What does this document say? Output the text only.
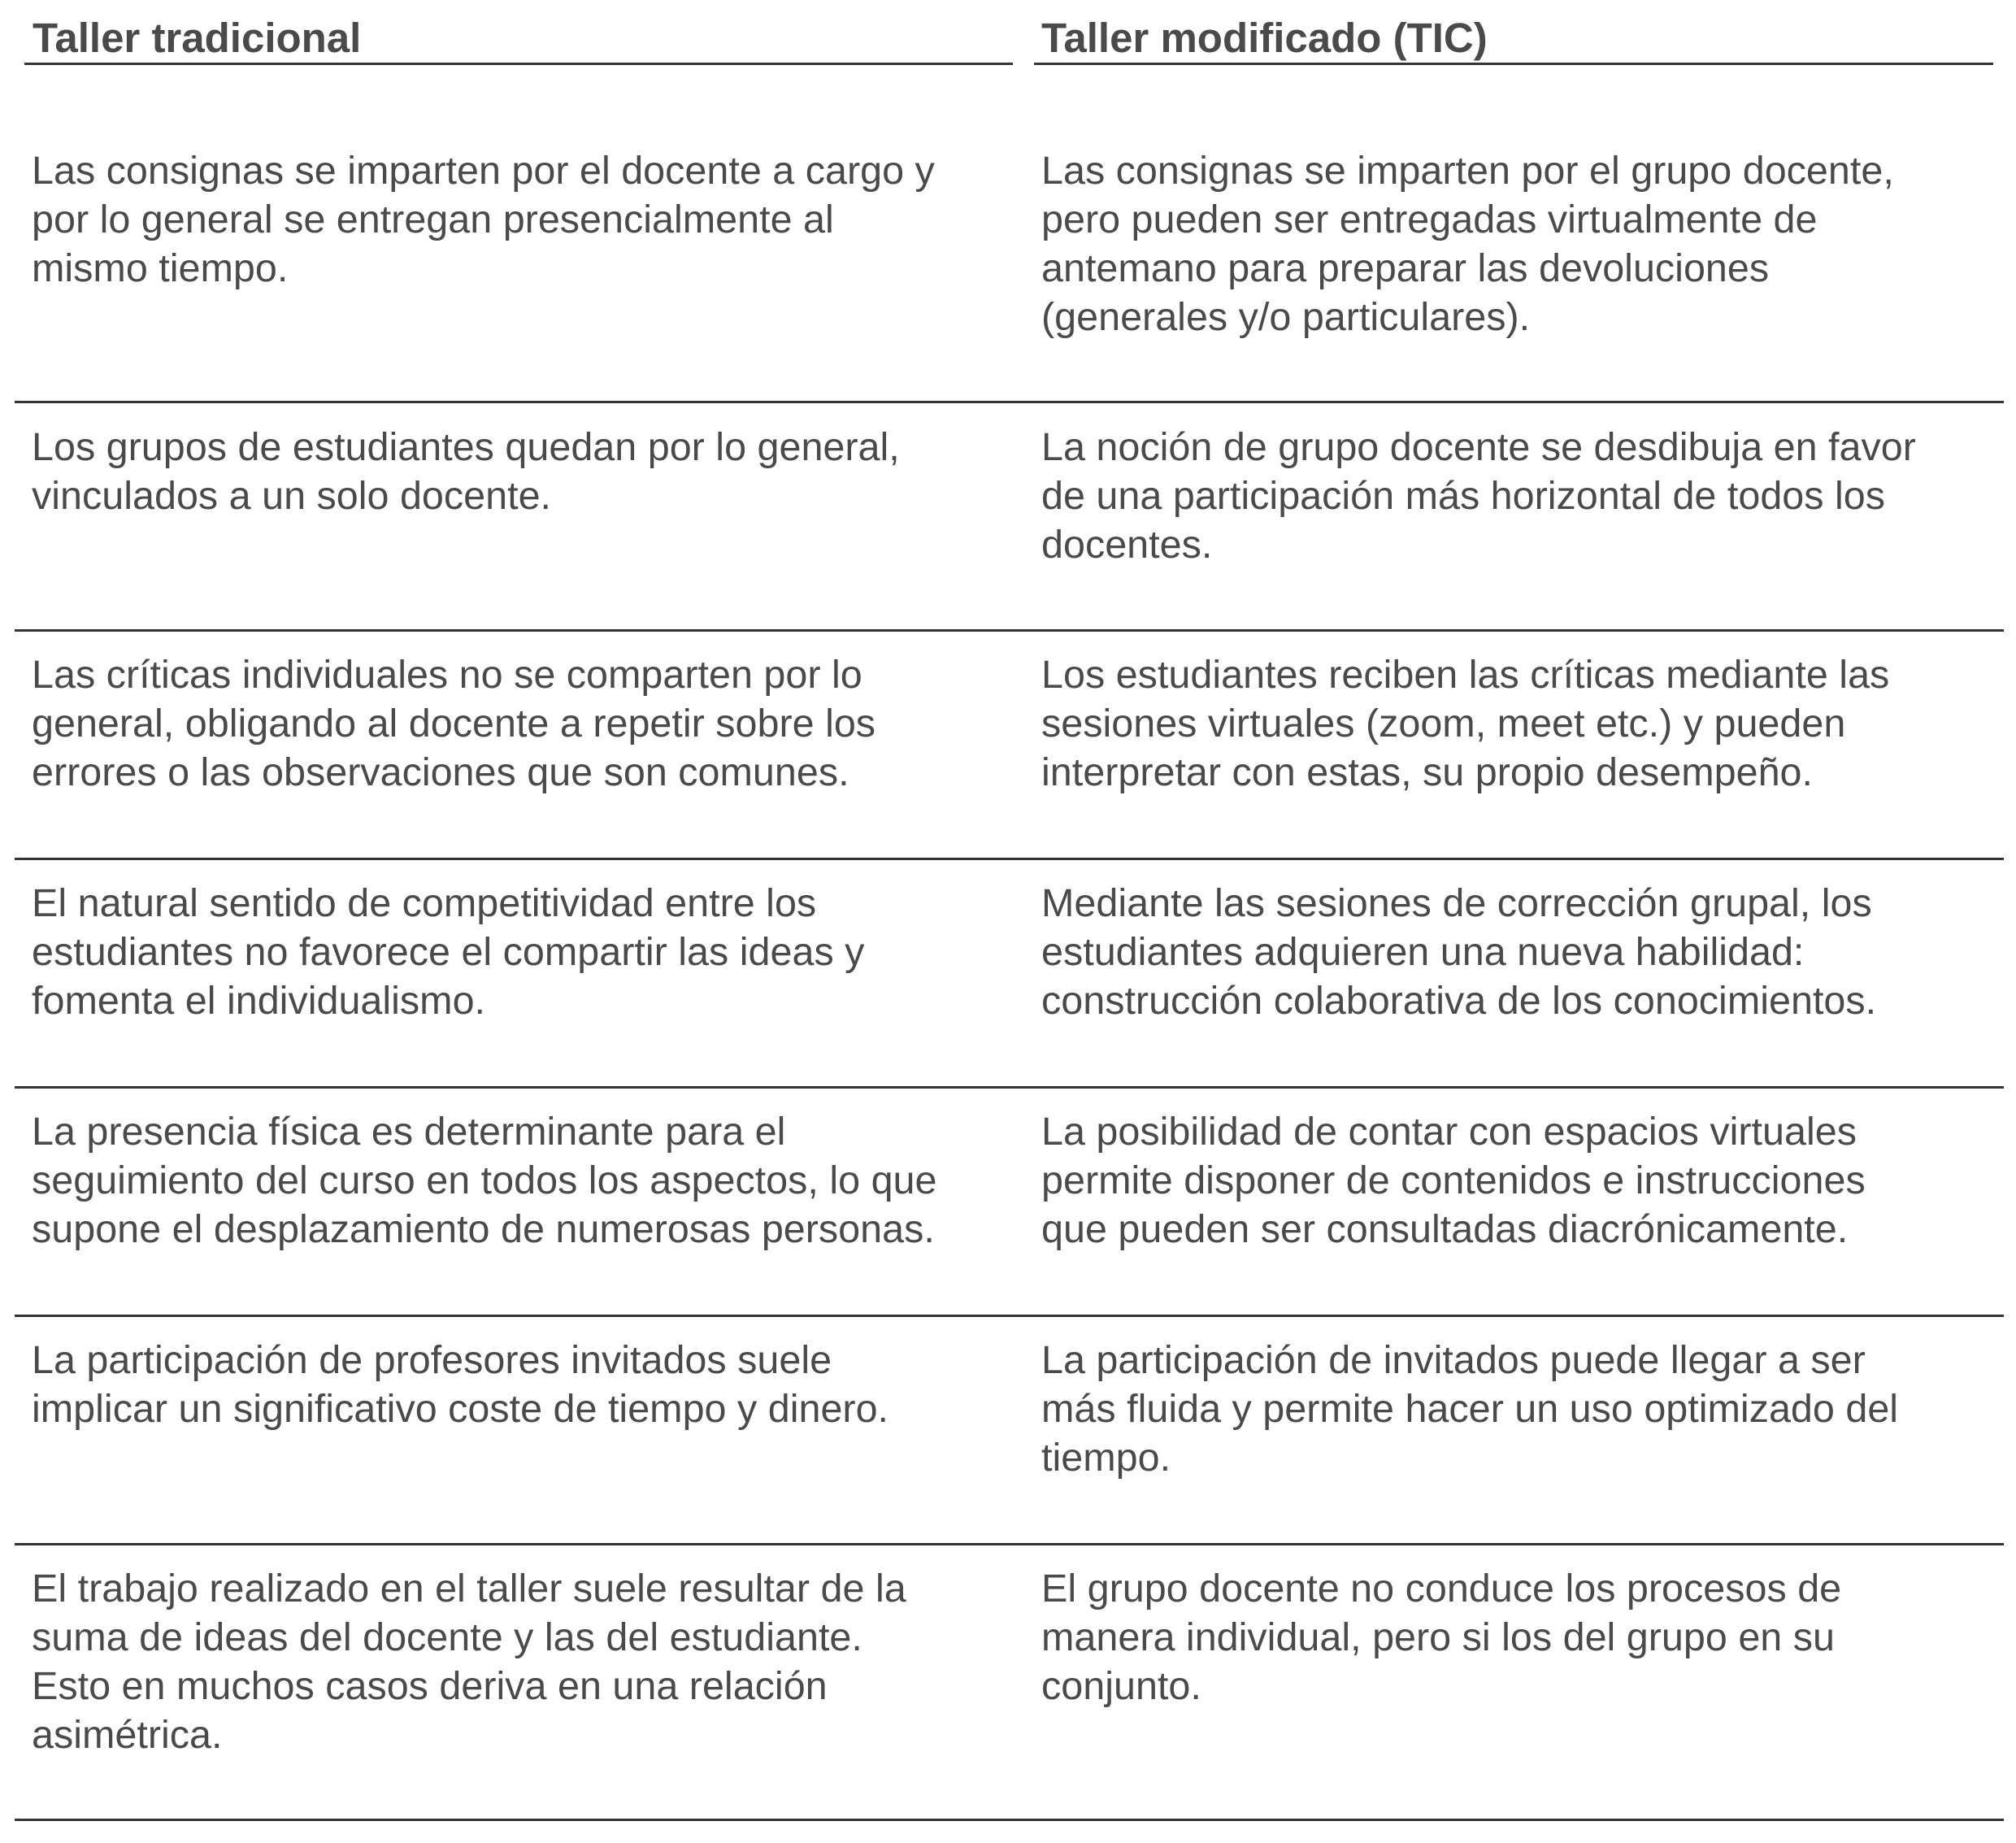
Taller tradicional	Taller modificado (TIC)
Las consignas se imparten por el docente a cargo y
por lo general se entregan presencialmente al
mismo tiempo.
Las consignas se imparten por el grupo docente,
pero pueden ser entregadas virtualmente de
antemano para preparar las devoluciones
(generales y/o particulares).
Los grupos de estudiantes quedan por lo general,
vinculados a un solo docente.
La noción de grupo docente se desdibuja en favor
de una participación más horizontal de todos los
docentes.
Las críticas individuales no se comparten por lo
general, obligando al docente a repetir sobre los
errores o las observaciones que son comunes.
Los estudiantes reciben las críticas mediante las
sesiones virtuales (zoom, meet etc.) y pueden
interpretar con estas, su propio desempeño.
El natural sentido de competitividad entre los
estudiantes no favorece el compartir las ideas y
fomenta el individualismo.
Mediante las sesiones de corrección grupal, los
estudiantes adquieren una nueva habilidad:
construcción colaborativa de los conocimientos.
La presencia física es determinante para el
seguimiento del curso en todos los aspectos, lo que
supone el desplazamiento de numerosas personas.
La posibilidad de contar con espacios virtuales
permite disponer de contenidos e instrucciones
que pueden ser consultadas diacrónicamente.
La participación de profesores invitados suele
implicar un significativo coste de tiempo y dinero.
La participación de invitados puede llegar a ser
más fluida y permite hacer un uso optimizado del
tiempo.
El trabajo realizado en el taller suele resultar de la
suma de ideas del docente y las del estudiante.
Esto en muchos casos deriva en una relación
asimétrica.
El grupo docente no conduce los procesos de
manera individual, pero si los del grupo en su
conjunto.
